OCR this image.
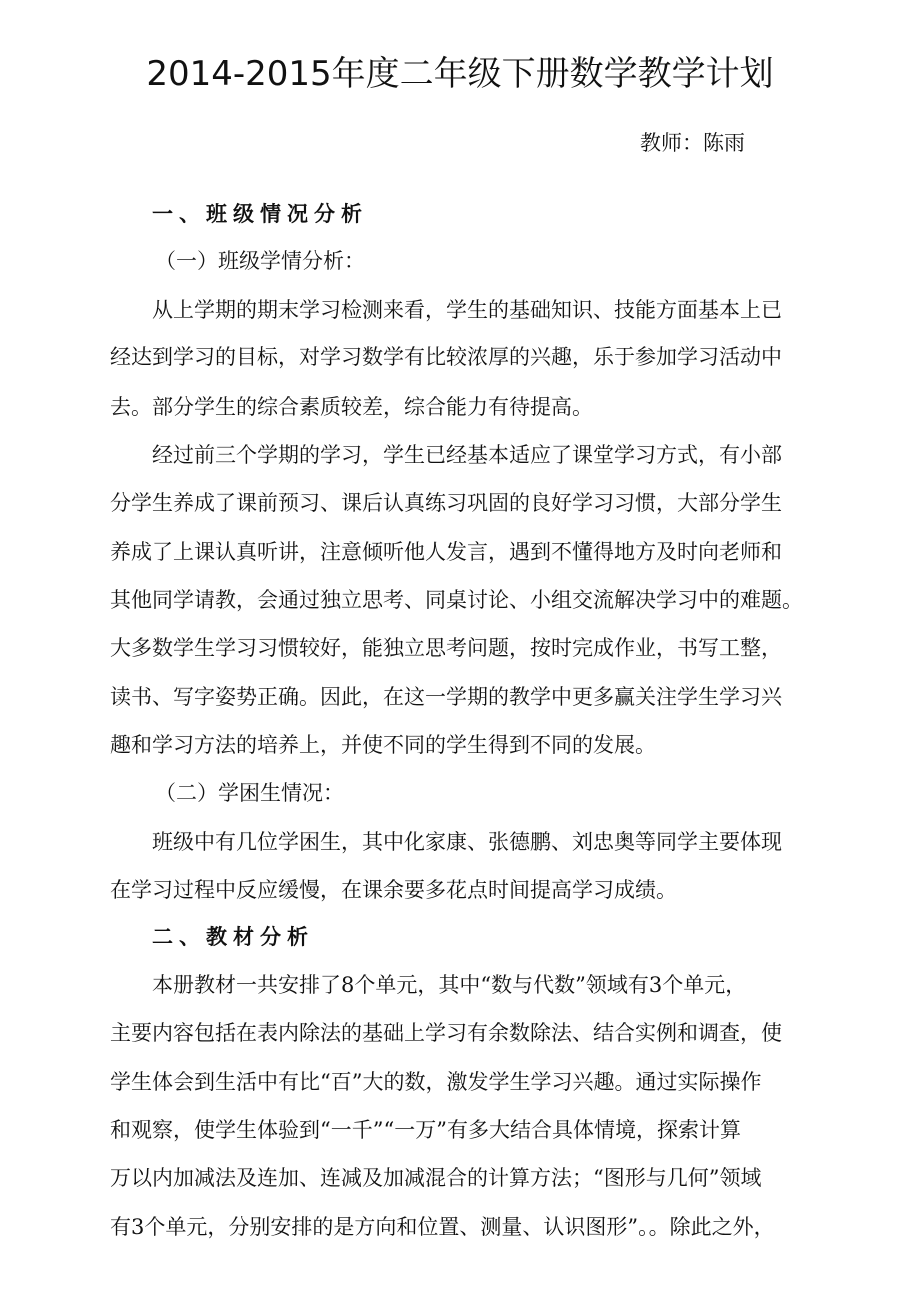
2014-2015年度二年级下册数学教学计划
教师：陈雨
一、班级情况分析
（一）班级学情分析：
从上学期的期末学习检测来看，学生的基础知识、技能方面基本上已
经达到学习的目标，对学习数学有比较浓厚的兴趣，乐于参加学习活动中
去。部分学生的综合素质较差，综合能力有待提高。
经过前三个学期的学习，学生已经基本适应了课堂学习方式，有小部
分学生养成了课前预习、课后认真练习巩固的良好学习习惯，大部分学生
养成了上课认真听讲，注意倾听他人发言，遇到不懂得地方及时向老师和
其他同学请教，会通过独立思考、同桌讨论、小组交流解决学习中的难题。
大多数学生学习习惯较好，能独立思考问题，按时完成作业，书写工整，
读书、写字姿势正确。因此，在这一学期的教学中更多赢关注学生学习兴
趣和学习方法的培养上，并使不同的学生得到不同的发展。
（二）学困生情况：
班级中有几位学困生，其中化家康、张德鹏、刘忠奥等同学主要体现
在学习过程中反应缓慢，在课余要多花点时间提高学习成绩。
二、教材分析
本册教材一共安排了8个单元，其中“数与代数”领域有3个单元，
主要内容包括在表内除法的基础上学习有余数除法、结合实例和调查，使
学生体会到生活中有比“百”大的数，激发学生学习兴趣。通过实际操作
和观察，使学生体验到“一千”“一万”有多大结合具体情境，探索计算
万以内加减法及连加、连减及加减混合的计算方法；“图形与几何”领域
有3个单元，分别安排的是方向和位置、测量、认识图形”。。除此之外，
